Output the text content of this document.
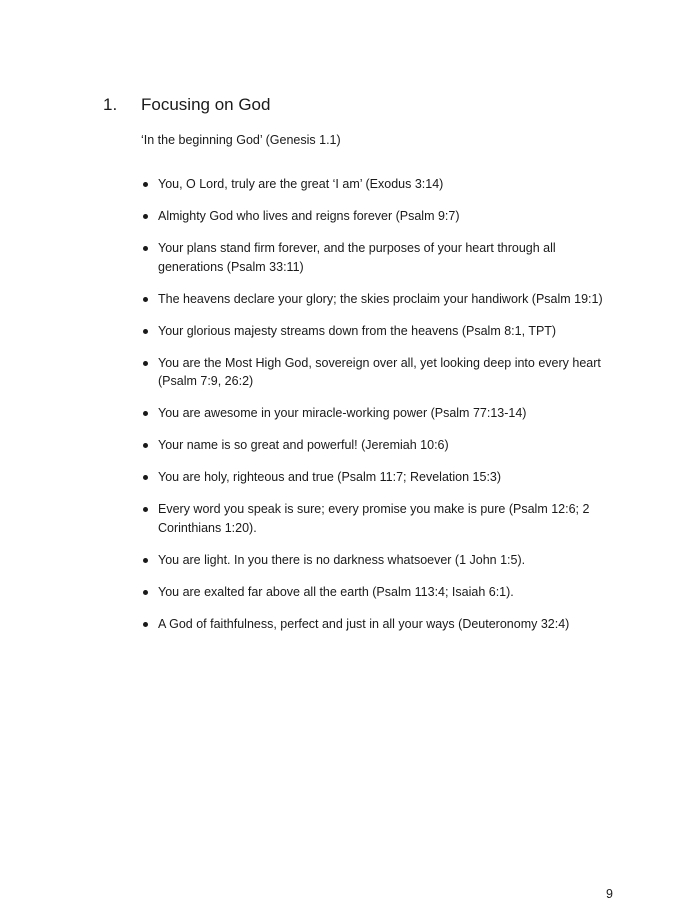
1.	Focusing on God
‘In the beginning God’ (Genesis 1.1)
You, O Lord, truly are the great ‘I am’ (Exodus 3:14)
Almighty God who lives and reigns forever (Psalm 9:7)
Your plans stand firm forever, and the purposes of your heart through all generations (Psalm 33:11)
The heavens declare your glory; the skies proclaim your handiwork (Psalm 19:1)
Your glorious majesty streams down from the heavens (Psalm 8:1, TPT)
You are the Most High God, sovereign over all, yet looking deep into every heart (Psalm 7:9, 26:2)
You are awesome in your miracle-working power (Psalm 77:13-14)
Your name is so great and powerful! (Jeremiah 10:6)
You are holy, righteous and true (Psalm 11:7; Revelation 15:3)
Every word you speak is sure; every promise you make is pure (Psalm 12:6; 2 Corinthians 1:20).
You are light. In you there is no darkness whatsoever (1 John 1:5).
You are exalted far above all the earth (Psalm 113:4; Isaiah 6:1).
A God of faithfulness, perfect and just in all your ways (Deuteronomy 32:4)
9
